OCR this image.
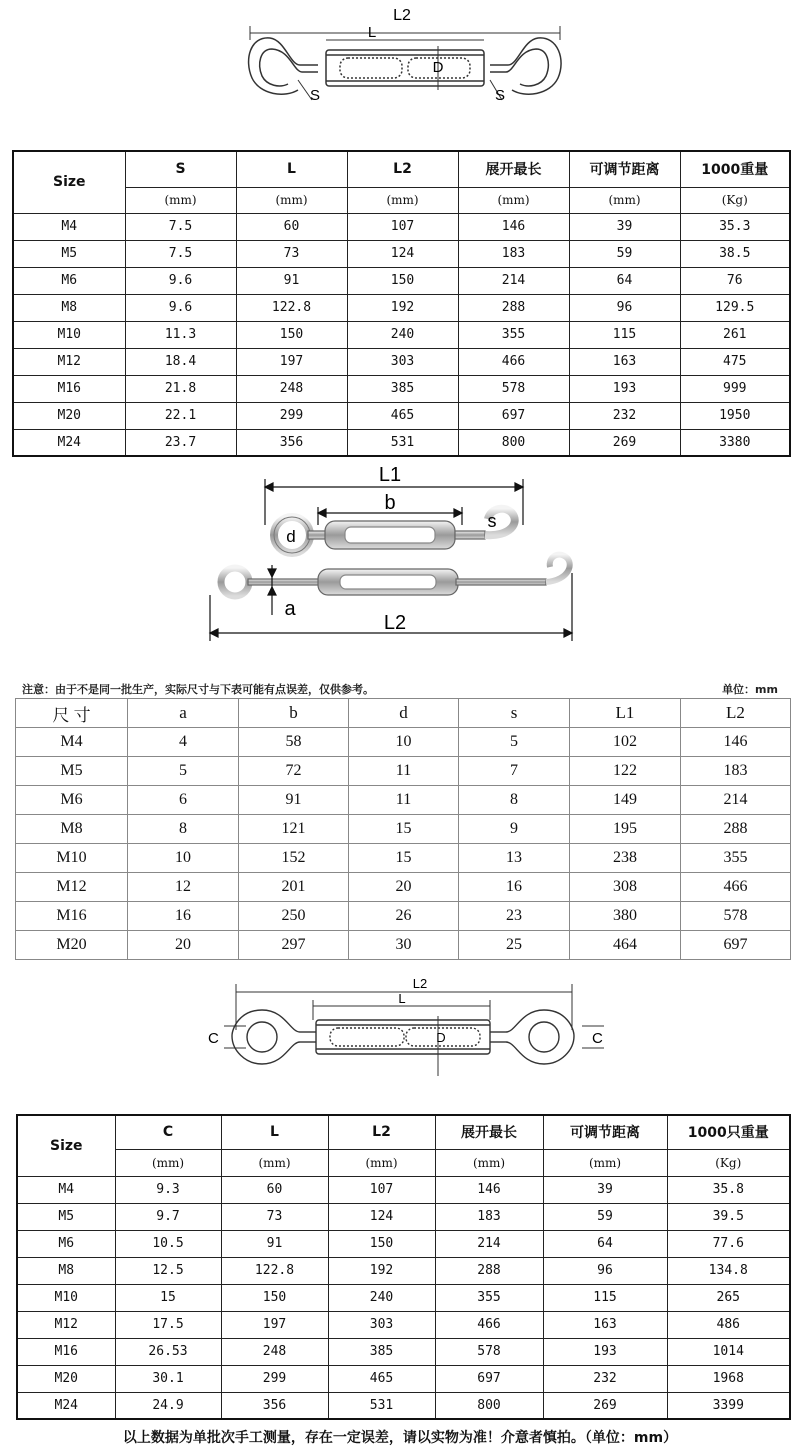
L2
L
D
S	S
Size	S	L	L2	展开最长	可调节距离	1000重量
	(mm)	(mm)	(mm)	(mm)	(mm)	(Kg)
M4	7.5	60	107	146	39	35.3
M5	7.5	73	124	183	59	38.5
M6	9.6	91	150	214	64	76
M8	9.6	122.8	192	288	96	129.5
M10	11.3	150	240	355	115	261
M12	18.4	197	303	466	163	475
M16	21.8	248	385	578	193	999
M20	22.1	299	465	697	232	1950
M24	23.7	356	531	800	269	3380
L1
b
d
s
a
L2
注意：由于不是同一批生产，实际尺寸与下表可能有点误差，仅供参考。	单位：mm
尺 寸	a	b	d	s	L1	L2
M4	4	58	10	5	102	146
M5	5	72	11	7	122	183
M6	6	91	11	8	149	214
M8	8	121	15	9	195	288
M10	10	152	15	13	238	355
M12	12	201	20	16	308	466
M16	16	250	26	23	380	578
M20	20	297	30	25	464	697
L2
L
D
C	C
Size	C	L	L2	展开最长	可调节距离	1000只重量
	(mm)	(mm)	(mm)	(mm)	(mm)	(Kg)
M4	9.3	60	107	146	39	35.8
M5	9.7	73	124	183	59	39.5
M6	10.5	91	150	214	64	77.6
M8	12.5	122.8	192	288	96	134.8
M10	15	150	240	355	115	265
M12	17.5	197	303	466	163	486
M16	26.53	248	385	578	193	1014
M20	30.1	299	465	697	232	1968
M24	24.9	356	531	800	269	3399
以上数据为单批次手工测量，存在一定误差，请以实物为准！介意者慎拍。（单位：mm）
